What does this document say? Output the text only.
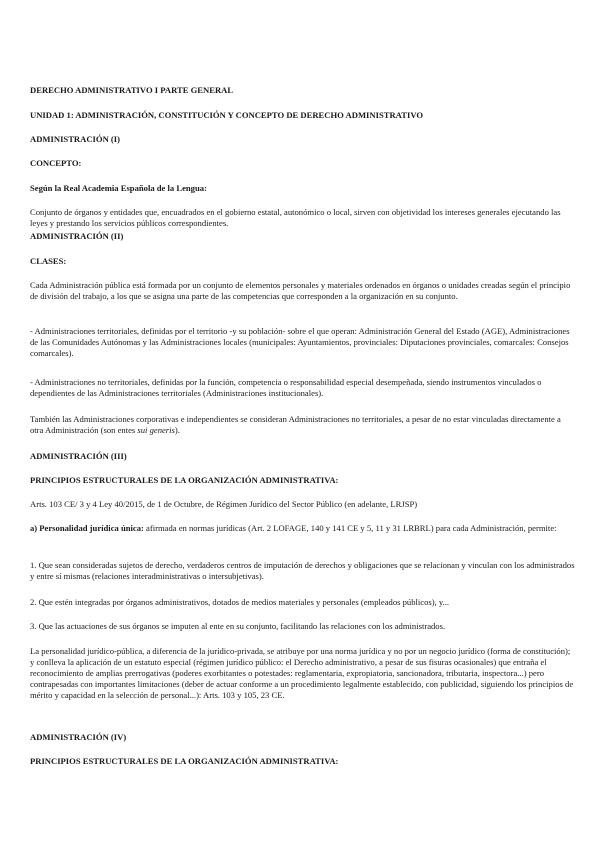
DERECHO ADMINISTRATIVO I PARTE GENERAL

UNIDAD 1: ADMINISTRACIÓN, CONSTITUCIÓN Y CONCEPTO DE DERECHO ADMINISTRATIVO

ADMINISTRACIÓN (I)

CONCEPTO:

Según la Real Academia Española de la Lengua:

Conjunto de órganos y entidades que, encuadrados en el gobierno estatal, autonómico o local, sirven con objetividad los intereses generales ejecutando las leyes y prestando los servicios públicos correspondientes.

ADMINISTRACIÓN (II)

CLASES:

Cada Administración pública está formada por un conjunto de elementos personales y materiales ordenados en órganos o unidades creadas según el principio de división del trabajo, a los que se asigna una parte de las competencias que corresponden a la organización en su conjunto.

- Administraciones territoriales, definidas por el territorio -y su población- sobre el que operan: Administración General del Estado (AGE), Administraciones de las Comunidades Autónomas y las Administraciones locales (municipales: Ayuntamientos, provinciales: Diputaciones provinciales, comarcales: Consejos comarcales).

- Administraciones no territoriales, definidas por la función, competencia o responsabilidad especial desempeñada, siendo instrumentos vinculados o dependientes de las Administraciones territoriales (Administraciones institucionales).

También las Administraciones corporativas e independientes se consideran Administraciones no territoriales, a pesar de no estar vinculadas directamente a otra Administración (son entes sui generis).

ADMINISTRACIÓN (III)

PRINCIPIOS ESTRUCTURALES DE LA ORGANIZACIÓN ADMINISTRATIVA:

Arts. 103 CE/ 3 y 4 Ley 40/2015, de 1 de Octubre, de Régimen Jurídico del Sector Público (en adelante, LRJSP)

a) Personalidad jurídica única: afirmada en normas jurídicas (Art. 2 LOFAGE, 140 y 141 CE y 5, 11 y 31 LRBRL) para cada Administración, permite:

1. Que sean consideradas sujetos de derecho, verdaderos centros de imputación de derechos y obligaciones que se relacionan y vinculan con los administrados y entre sí mismas (relaciones interadministrativas o intersubjetivas).

2. Que estén integradas por órganos administrativos, dotados de medios materiales y personales (empleados públicos), y...

3. Que las actuaciones de sus órganos se imputen al ente en su conjunto, facilitando las relaciones con los administrados.

La personalidad jurídico-pública, a diferencia de la jurídico-privada, se atribuye por una norma jurídica y no por un negocio jurídico (forma de constitución); y conlleva la aplicación de un estatuto especial (régimen jurídico público: el Derecho administrativo, a pesar de sus fisuras ocasionales) que entraña el reconocimiento de amplias prerrogativas (poderes exorbitantes o potestades: reglamentaria, expropiatoria, sancionadora, tributaria, inspectora...) pero contrapesadas con importantes limitaciones (deber de actuar conforme a un procedimiento legalmente establecido, con publicidad, siguiendo los principios de mérito y capacidad en la selección de personal...): Arts. 103 y 105, 23 CE.

ADMINISTRACIÓN (IV)

PRINCIPIOS ESTRUCTURALES DE LA ORGANIZACIÓN ADMINISTRATIVA:
